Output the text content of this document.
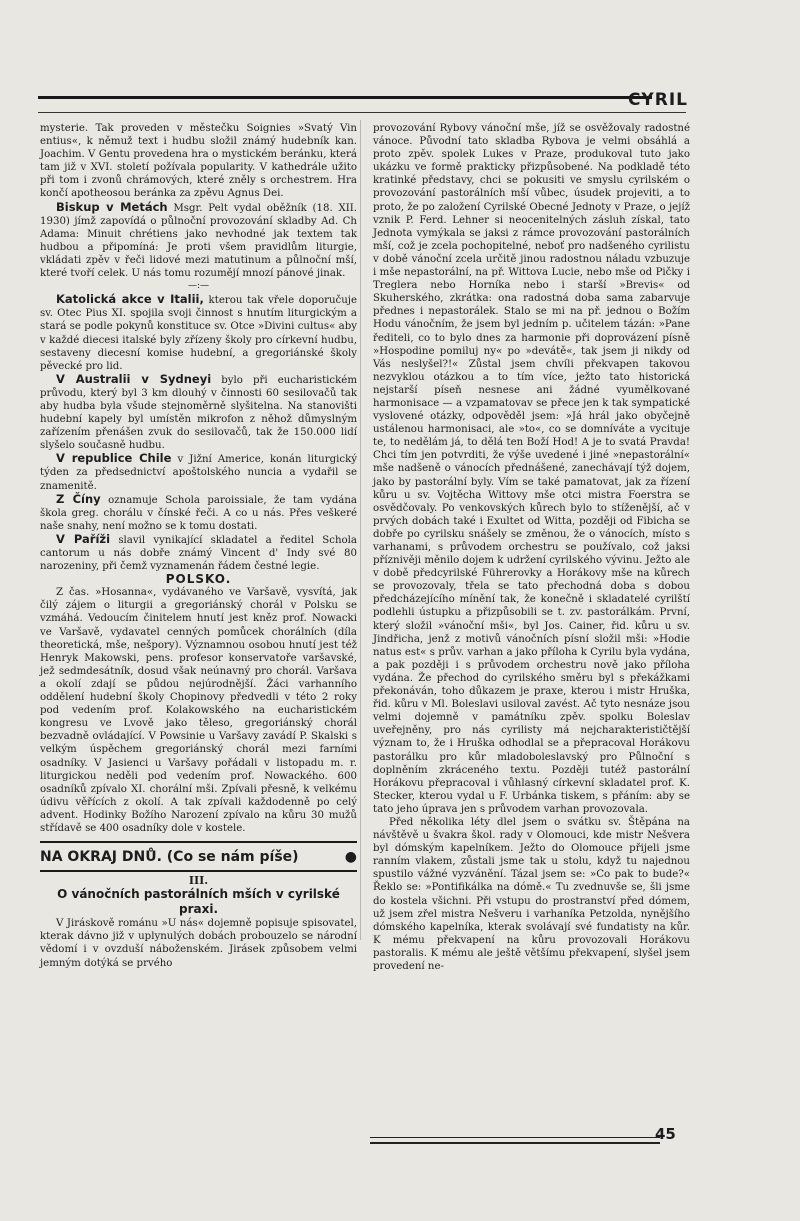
CYRIL

mysterie. Tak proveden v městečku Soignies »Svatý Vin entius«, k němuž text i hudbu složil známý hudebník kan. Joachim. V Gentu provedena hra o mystickém beránku, která tam již v XVI. století požívala popularity. V kathedrále užito při tom i zvonů chrámových, které zněly s orchestrem. Hra končí apotheosou beránka za zpěvu Agnus Dei.

Biskup v Metách Msgr. Pelt vydal oběžník (18. XII. 1930) jímž zapovídá o půlnoční provozování skladby Ad. Ch Adama: Minuit chrétiens jako nevhodné jak textem tak hudbou a připomíná: Je proti všem pravidlům liturgie, vkládati zpěv v řeči lidové mezi matutinum a půlnoční mší, které tvoří celek. U nás tomu rozumějí mnozí pánové jinak.

—:—

Katolická akce v Italii, kterou tak vřele doporučuje sv. Otec Pius XI. spojila svoji činnost s hnutím liturgickým a stará se podle pokynů konstituce sv. Otce »Divini cultus« aby v každé diecesi italské byly zřízeny školy pro církevní hudbu, sestaveny diecesní komise hudební, a gregoriánské školy pěvecké pro lid.

V Australii v Sydneyi bylo při eucharistickém průvodu, který byl 3 km dlouhý v činnosti 60 sesilovačů tak aby hudba byla všude stejnoměrně slyšitelna. Na stanovišti hudební kapely byl umístěn mikrofon z něhož důmyslným zařízením přenášen zvuk do sesilovačů, tak že 150.000 lidí slyšelo současně hudbu.

V republice Chile v Jižní Americe, konán liturgický týden za předsednictví apoštolského nuncia a vydařil se znamenitě.

Z Číny oznamuje Schola paroissiale, že tam vydána škola greg. chorálu v čínské řeči. A co u nás. Přes veškeré naše snahy, není možno se k tomu dostati.

V Paříži slavil vynikající skladatel a ředitel Schola cantorum u nás dobře známý Vincent d' Indy své 80 narozeniny, při čemž vyznamenán řádem čestné legie.

POLSKO.

Z čas. »Hosanna«, vydávaného ve Varšavě, vysvítá, jak čilý zájem o liturgii a gregoriánský chorál v Polsku se vzmáhá. Vedoucím činitelem hnutí jest kněz prof. Nowacki ve Varšavě, vydavatel cenných pomůcek chorálních (díla theoretická, mše, nešpory). Významnou osobou hnutí jest též Henryk Makowski, pens. profesor konservatoře varšavské, jež sedmdesátník, dosud však neúnavný pro chorál. Varšava a okolí zdají se půdou nejúrodnější. Žáci varhanního oddělení hudební školy Chopinovy předvedli v této 2 roky pod vedením prof. Kolakowského na eucharistickém kongresu ve Lvově jako těleso, gregoriánský chorál bezvadně ovládající. V Powsinie u Varšavy zavádí P. Skalski s velkým úspěchem gregoriánský chorál mezi farními osadníky. V Jasienci u Varšavy pořádali v listopadu m. r. liturgickou neděli pod vedením prof. Nowackého. 600 osadníků zpívalo XI. chorální mši. Zpívali přesně, k velkému údivu věřících z okolí. A tak zpívali každodenně po celý advent. Hodinky Božího Narození zpívalo na kůru 30 mužů střídavě se 400 osadníky dole v kostele.

NA OKRAJ DNŮ. (Co se nám píše)	●

III.

O vánočních pastorálních mších v cyrilské praxi.

V Jiráskově románu »U nás« dojemně popisuje spisovatel, kterak dávno již v uplynulých dobách probouzelo se národní vědomí i v ovzduší náboženském. Jirásek způsobem velmi jemným dotýká se prvého

provozování Rybovy vánoční mše, jíž se osvěžovaly radostné vánoce. Původní tato skladba Rybova je velmi obsáhlá a proto zpěv. spolek Lukes v Praze, produkoval tuto jako ukázku ve formě prakticky přizpůsobené. Na podkladě této kratinké představy, chci se pokusiti ve smyslu cyrilském o provozování pastorálních mší vůbec, úsudek projeviti, a to proto, že po založení Cyrilské Obecné Jednoty v Praze, o jejíž vznik P. Ferd. Lehner si neocenitelných zásluh získal, tato Jednota vymýkala se jaksi z rámce provozování pastorálních mší, což je zcela pochopitelné, neboť pro nadšeného cyrilistu v době vánoční zcela určitě jinou radostnou náladu vzbuzuje i mše nepastorální, na př. Wittova Lucie, nebo mše od Pičky i Treglera nebo Horníka nebo i starší »Brevis« od Skuherského, zkrátka: ona radostná doba sama zabarvuje přednes i nepastorálek. Stalo se mi na př. jednou o Božím Hodu vánočním, že jsem byl jedním p. učitelem tázán: »Pane řediteli, co to bylo dnes za harmonie při doprovázení písně »Hospodine pomiluj ny« po »devátě«, tak jsem ji nikdy od Vás neslyšel?!« Zůstal jsem chvíli překvapen takovou nezvyklou otázkou a to tím více, ježto tato historická nejstarší píseň nesnese ani žádné vyumělkované harmonisace — a vzpamatovav se přece jen k tak sympatické vyslovené otázky, odpověděl jsem: »Já hrál jako obyčejně ustálenou harmonisaci, ale »to«, co se domníváte a vycituje te, to nedělám já, to dělá ten Boží Hod! A je to svatá Pravda! Chci tím jen potvrditi, že výše uvedené i jiné »nepastorální« mše nadšeně o vánocích přednášené, zanechávají týž dojem, jako by pastorální byly. Vím se také pamatovat, jak za řízení kůru u sv. Vojtěcha Wittovy mše otci mistra Foerstra se osvědčovaly. Po venkovských kůrech bylo to stíženější, ač v prvých dobách také i Exultet od Witta, později od Fibicha se dobře po cyrilsku snášely se změnou, že o vánocích, místo s varhanami, s průvodem orchestru se používalo, což jaksi příznivěji měnilo dojem k udržení cyrilského vývinu. Ježto ale v době předcyrilské Führerovky a Horákovy mše na kůrech se provozovaly, třela se tato přechodná doba s dobou předcházejícího mínění tak, že konečně i skladatelé cyrilští podlehli ústupku a přizpůsobili se t. zv. pastorálkám. První, který složil »vánoční mši«, byl Jos. Cainer, řid. kůru u sv. Jindřicha, jenž z motivů vánočních písní složil mši: »Hodie natus est« s prův. varhan a jako příloha k Cyrilu byla vydána, a pak později i s průvodem orchestru nově jako příloha vydána. Že přechod do cyrilského směru byl s překážkami překonáván, toho důkazem je praxe, kterou i mistr Hruška, řid. kůru v Ml. Boleslavi usiloval zavést. Ač tyto nesnáze jsou velmi dojemně v památníku zpěv. spolku Boleslav uveřejněny, pro nás cyrilisty má nejcharakterističtější význam to, že i Hruška odhodlal se a přepracoval Horákovu pastorálku pro kůr mladoboleslavský pro Půlnoční s doplněním zkráceného textu. Později tutéž pastorální Horákovu přepracoval i vůhlasný církevní skladatel prof. K. Stecker, kterou vydal u F. Urbánka tiskem, s přáním: aby se tato jeho úprava jen s průvodem varhan provozovala.

Před několika léty dlel jsem o svátku sv. Štěpána na návštěvě u švakra škol. rady v Olomouci, kde mistr Nešvera byl dómským kapelníkem. Ježto do Olomouce přijeli jsme ranním vlakem, zůstali jsme tak u stolu, když tu najednou spustilo vážné vyzvánění. Tázal jsem se: »Co pak to bude?« Řeklo se: »Pontifikálka na dómě.« Tu zvednuvše se, šli jsme do kostela všichni. Při vstupu do prostranství před dómem, už jsem zřel mistra Nešveru i varhaníka Petzolda, nynějšího dómského kapelníka, kterak svolávají své fundatisty na kůr. K mému překvapení na kůru provozovali Horákovu pastoralis. K mému ale ještě většímu překvapení, slyšel jsem provedení ne-

45
